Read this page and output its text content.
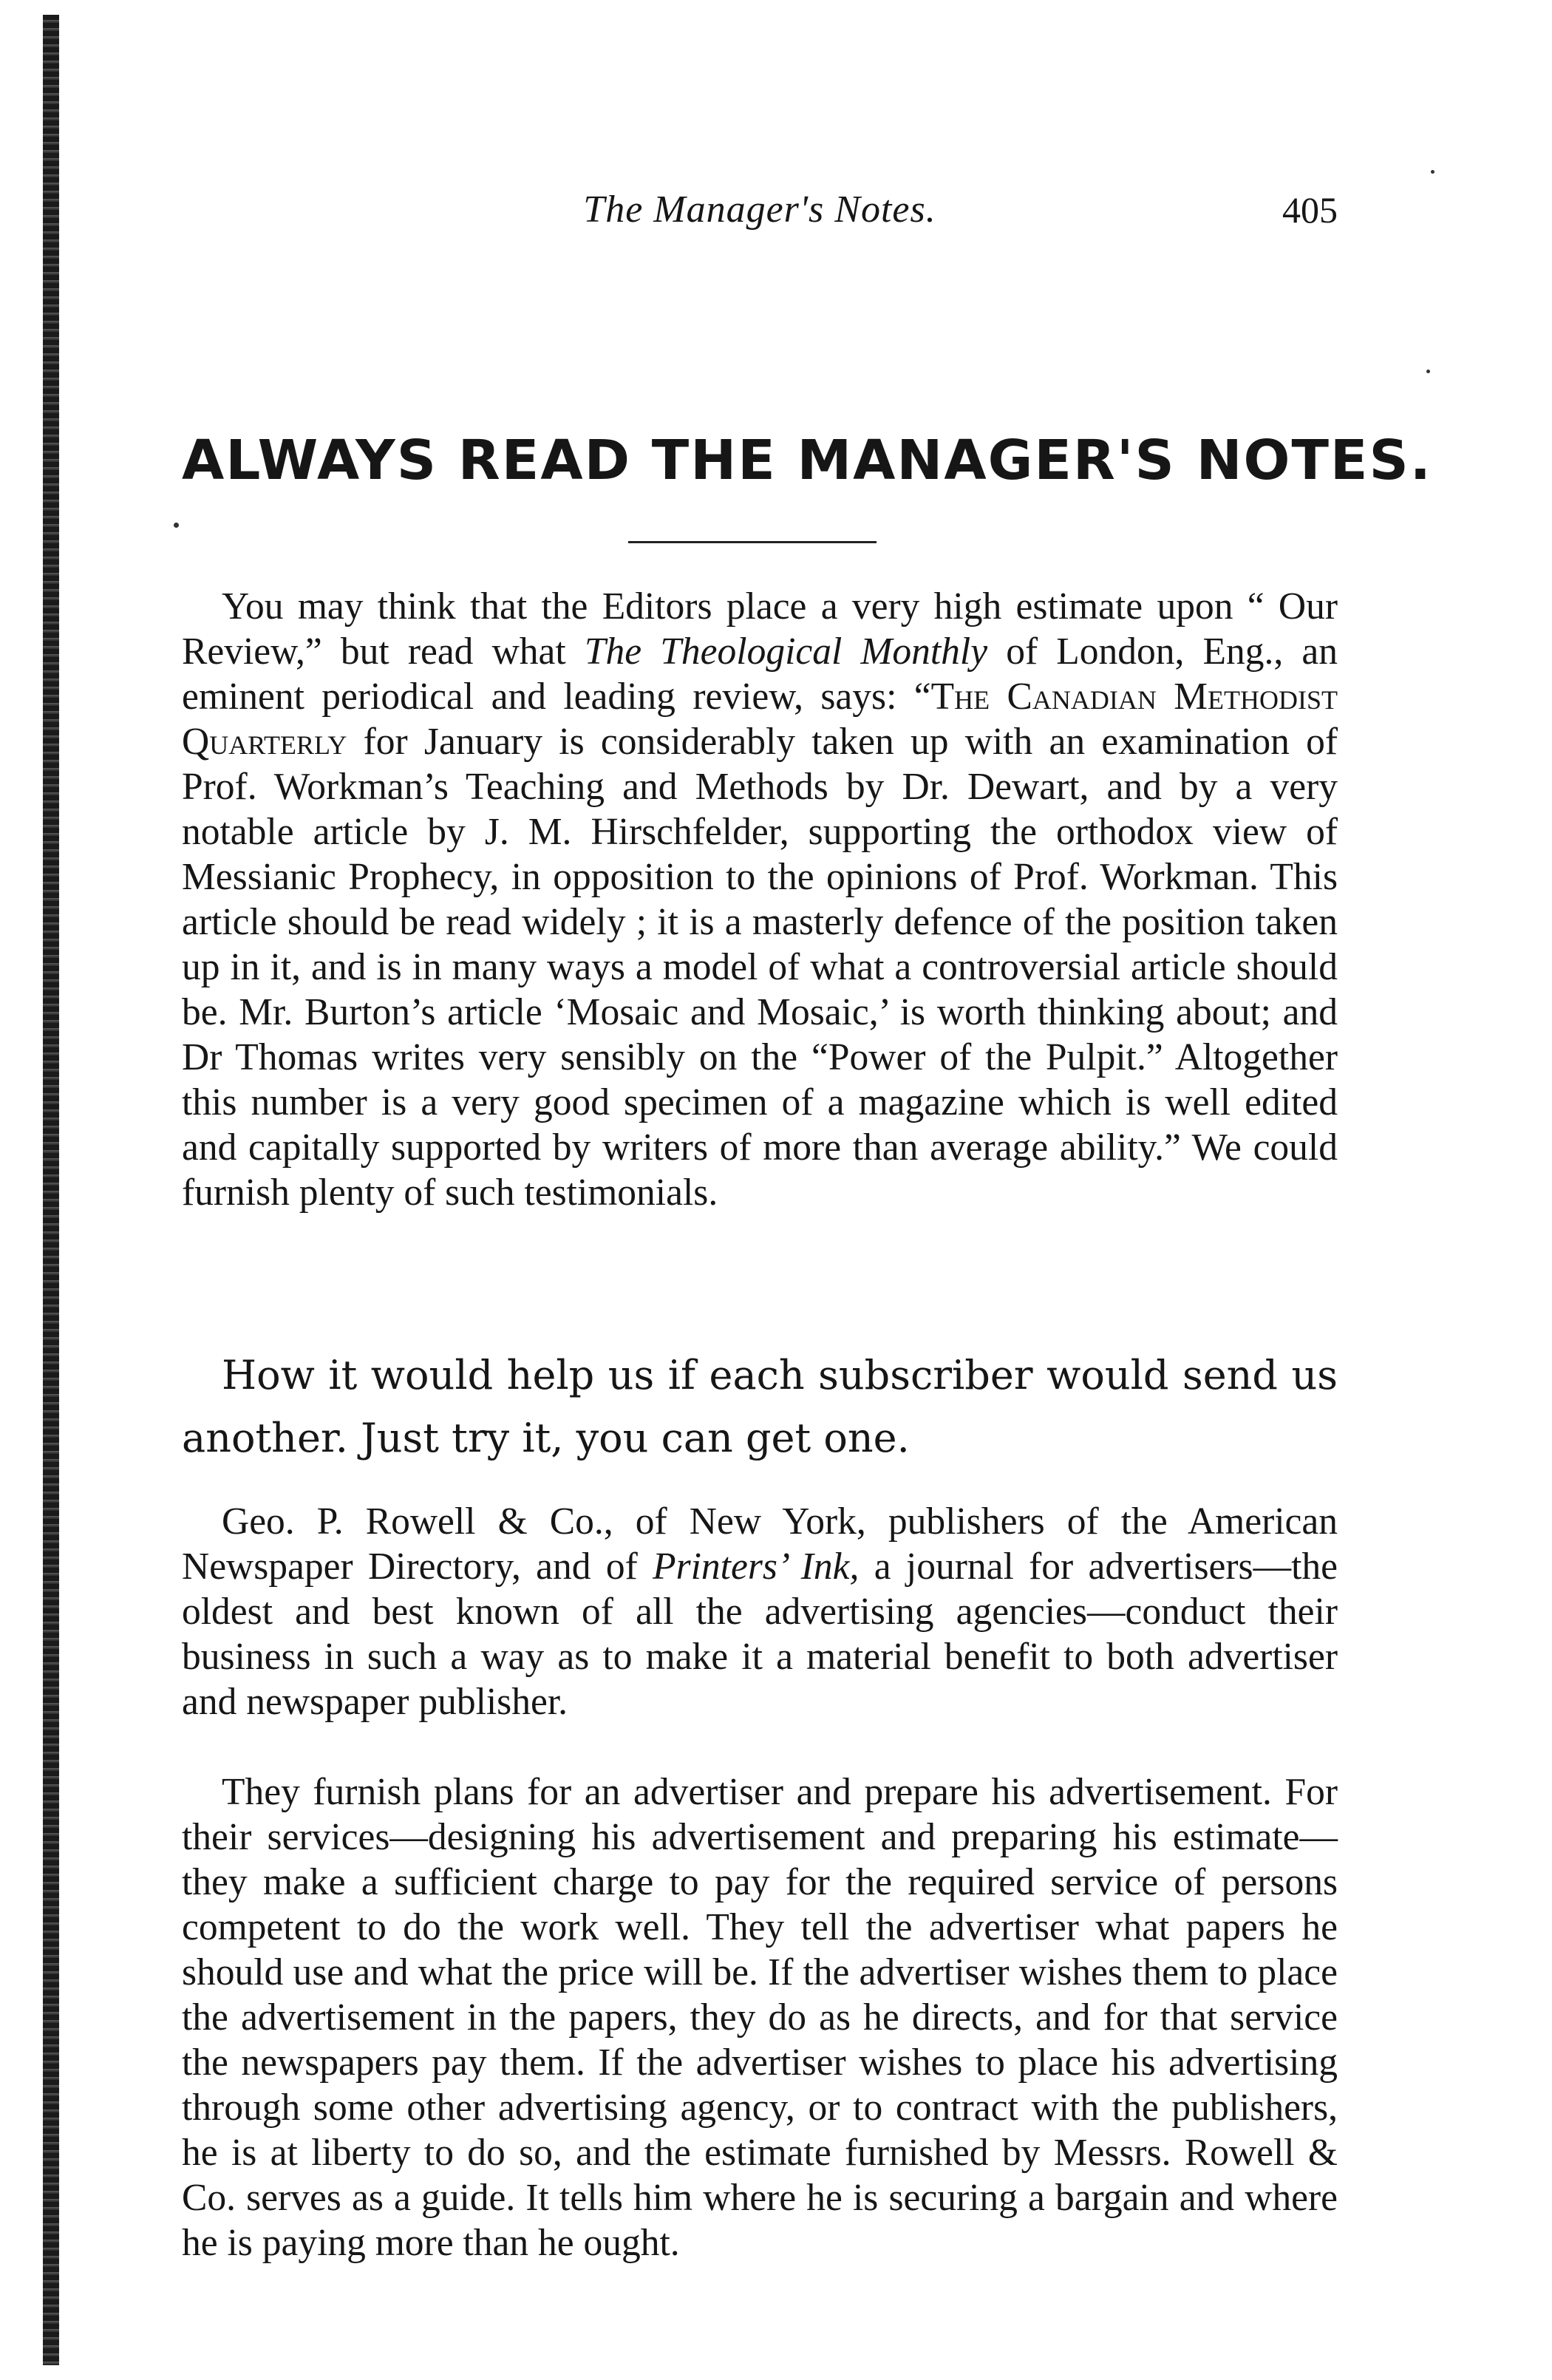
The Manager's Notes.	405
ALWAYS READ THE MANAGER'S NOTES.

You may think that the Editors place a very high estimate upon “ Our Review,” but read what The Theological Monthly of London, Eng., an eminent periodical and leading review, says: “The Canadian Methodist Quarterly for January is considerably taken up with an examination of Prof. Workman’s Teaching and Methods by Dr. Dewart, and by a very notable article by J. M. Hirschfelder, supporting the orthodox view of Messianic Prophecy, in opposition to the opinions of Prof. Workman. This article should be read widely ; it is a masterly defence of the position taken up in it, and is in many ways a model of what a controversial article should be. Mr. Burton’s article ‘Mosaic and Mosaic,’ is worth thinking about; and Dr Thomas writes very sensibly on the “Power of the Pulpit.” Altogether this number is a very good specimen of a magazine which is well edited and capitally supported by writers of more than average ability.” We could furnish plenty of such testimonials.

How it would help us if each subscriber would send us another. Just try it, you can get one.

Geo. P. Rowell & Co., of New York, publishers of the American Newspaper Directory, and of Printers’ Ink, a journal for advertisers—the oldest and best known of all the advertising agencies—conduct their business in such a way as to make it a material benefit to both advertiser and newspaper publisher.

They furnish plans for an advertiser and prepare his advertisement. For their services—designing his advertisement and preparing his estimate—they make a sufficient charge to pay for the required service of persons competent to do the work well. They tell the advertiser what papers he should use and what the price will be. If the advertiser wishes them to place the advertisement in the papers, they do as he directs, and for that service the newspapers pay them. If the advertiser wishes to place his advertising through some other advertising agency, or to contract with the publishers, he is at liberty to do so, and the estimate furnished by Messrs. Rowell & Co. serves as a guide. It tells him where he is securing a bargain and where he is paying more than he ought.
